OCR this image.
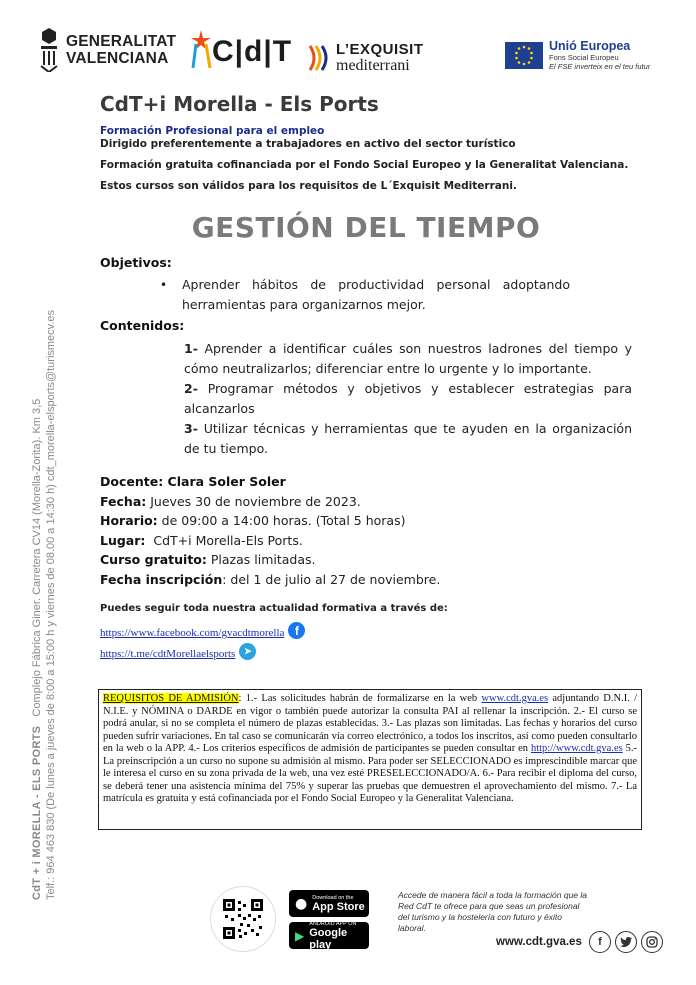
GENERALITAT
VALENCIANA C|d|T	L’EXQUISIT
mediterrani
Unió Europea
Fons Social Europeu
El FSE inverteix en el teu futur
CdT + i MORELLA - ELS PORTS   Complejo Fábrica Giner. Carretera CV14 (Morella-Zorita). Km 3,5 Telf.: 964 463 830 (De lunes a jueves de 8:00 a 15:00 h y viernes de 08.00 a 14:30 h) cdt_morella-elsports@turismecv.es
CdT+i Morella - Els Ports
Formación Profesional para el empleo
Dirigido preferentemente a trabajadores en activo del sector turístico
Formación gratuita cofinanciada por el Fondo Social Europeo y la Generalitat Valenciana.
Estos cursos son válidos para los requisitos de L´Exquisit Mediterrani.
GESTIÓN DEL TIEMPO
Objetivos:
•	Aprender hábitos de productividad personal adoptando herramientas para organizarnos mejor.
Contenidos:
1- Aprender a identificar cuáles son nuestros ladrones del tiempo y cómo neutralizarlos; diferenciar entre lo urgente y lo importante.
2- Programar métodos y objetivos y establecer estrategias para alcanzarlos
3- Utilizar técnicas y herramientas que te ayuden en la organización de tu tiempo.
Docente: Clara Soler Soler
Fecha: Jueves 30 de noviembre de 2023.
Horario: de 09:00 a 14:00 horas. (Total 5 horas)
Lugar: CdT+i Morella-Els Ports.
Curso gratuito: Plazas limitadas.
Fecha inscripción: del 1 de julio al 27 de noviembre.
Puedes seguir toda nuestra actualidad formativa a través de:
https://www.facebook.com/gvacdtmorella f
https://t.me/cdtMorellaelsports ➤
REQUISITOS DE ADMISIÓN: 1.- Las solicitudes habrán de formalizarse en la web www.cdt.gva.es adjuntando D.N.I. / N.I.E. y NÓMINA o DARDE en vigor o también puede autorizar la consulta PAI al rellenar la inscripción. 2.- El curso se podrá anular, si no se completa el número de plazas establecidas. 3.- Las plazas son limitadas. Las fechas y horarios del curso pueden sufrir variaciones. En tal caso se comunicarán vía correo electrónico, a todos los inscritos, así como pueden consultarlo en la web o la APP. 4.- Los criterios específicos de admisión de participantes se pueden consultar en http://www.cdt.gva.es 5.- La preinscripción a un curso no supone su admisión al mismo. Para poder ser SELECCIONADO es imprescindible marcar que le interesa el curso en su zona privada de la web, una vez esté PRESELECCIONADO/A. 6.- Para recibir el diploma del curso, se deberá tener una asistencia mínima del 75% y superar las pruebas que demuestren el aprovechamiento del mismo. 7.- La matrícula es gratuita y está cofinanciada por el Fondo Social Europeo y la Generalitat Valenciana.
● Download on the
App Store
▶
ANDROID APP ON
Google play
Accede de manera fácil a toda la formación que la Red CdT te ofrece para que seas un profesional del turismo y la hostelería con futuro y éxito laboral.
www.cdt.gva.es	f
